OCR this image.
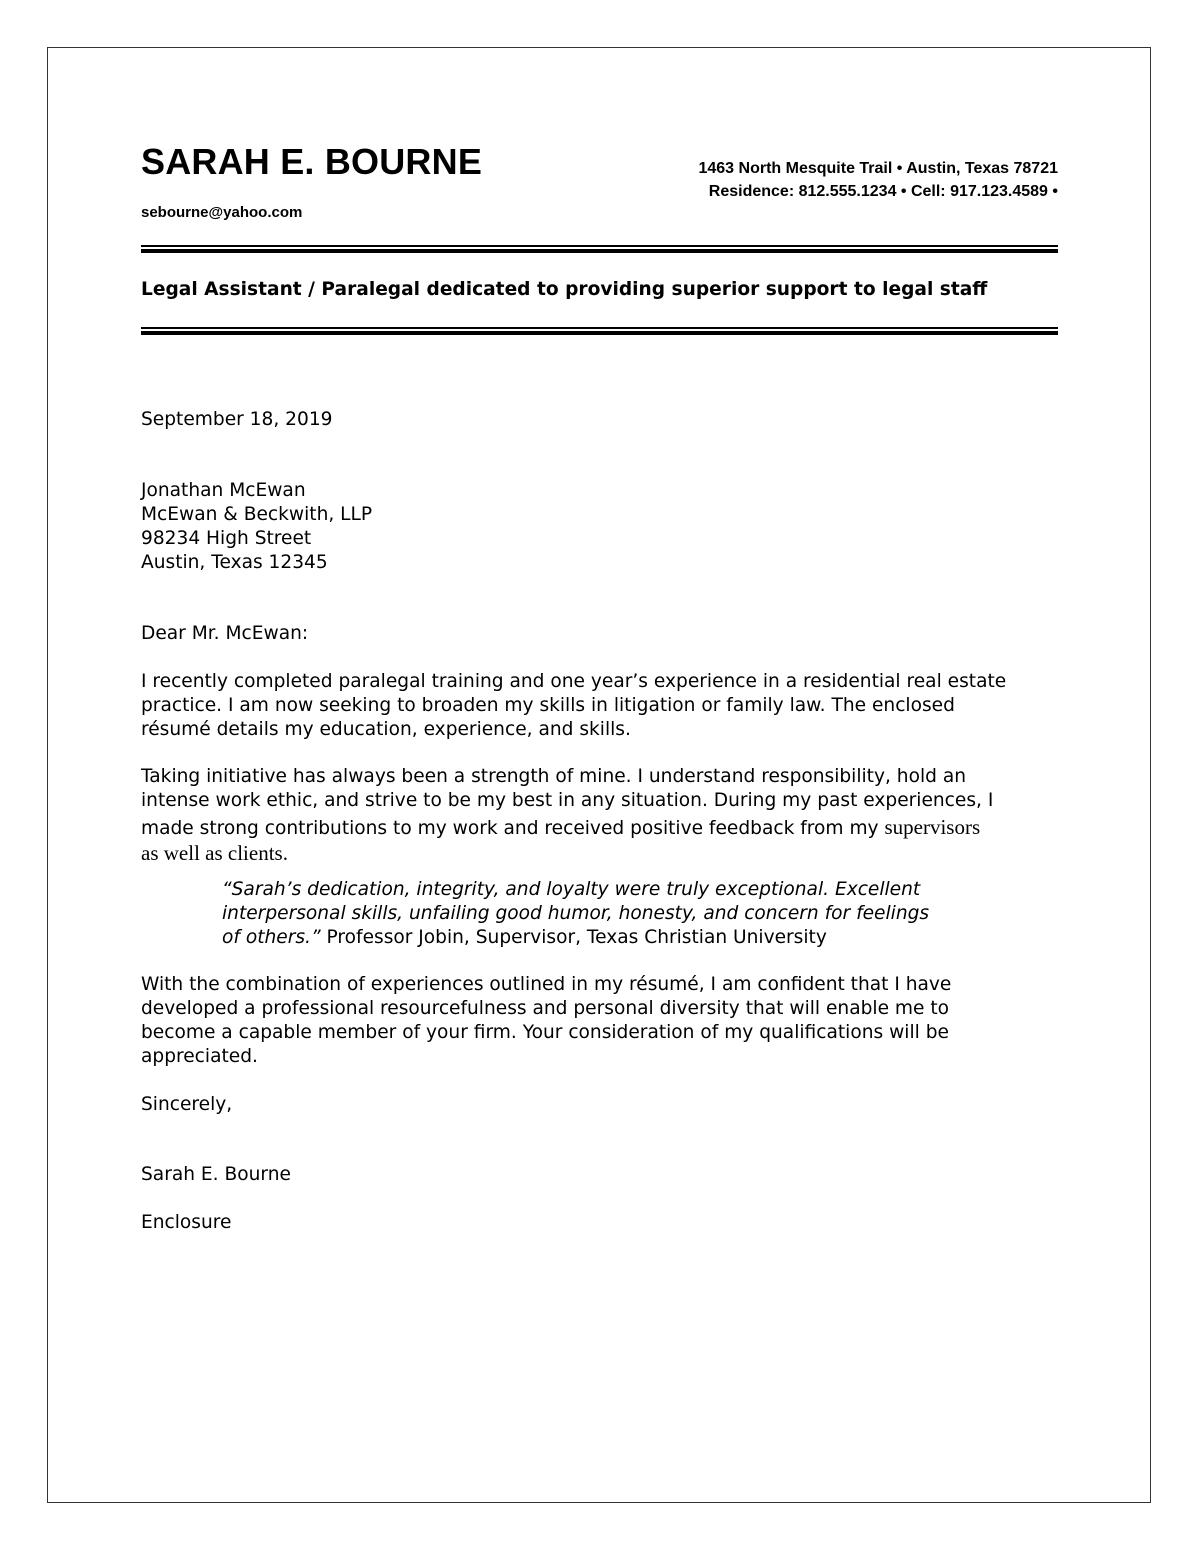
SARAH E. BOURNE	1463 North Mesquite Trail • Austin, Texas 78721
Residence: 812.555.1234 • Cell: 917.123.4589 •
sebourne@yahoo.com
Legal Assistant / Paralegal dedicated to providing superior support to legal staff
September 18, 2019
Jonathan McEwan
McEwan & Beckwith, LLP
98234 High Street
Austin, Texas 12345
Dear Mr. McEwan:
I recently completed paralegal training and one year’s experience in a residential real estate
practice. I am now seeking to broaden my skills in litigation or family law. The enclosed
résumé details my education, experience, and skills.
Taking initiative has always been a strength of mine. I understand responsibility, hold an
intense work ethic, and strive to be my best in any situation. During my past experiences, I
made strong contributions to my work and received positive feedback from my supervisors
as well as clients.
“Sarah’s dedication, integrity, and loyalty were truly exceptional. Excellent
interpersonal skills, unfailing good humor, honesty, and concern for feelings
of others.” Professor Jobin, Supervisor, Texas Christian University
With the combination of experiences outlined in my résumé, I am confident that I have
developed a professional resourcefulness and personal diversity that will enable me to
become a capable member of your firm. Your consideration of my qualifications will be
appreciated.
Sincerely,
Sarah E. Bourne
Enclosure
